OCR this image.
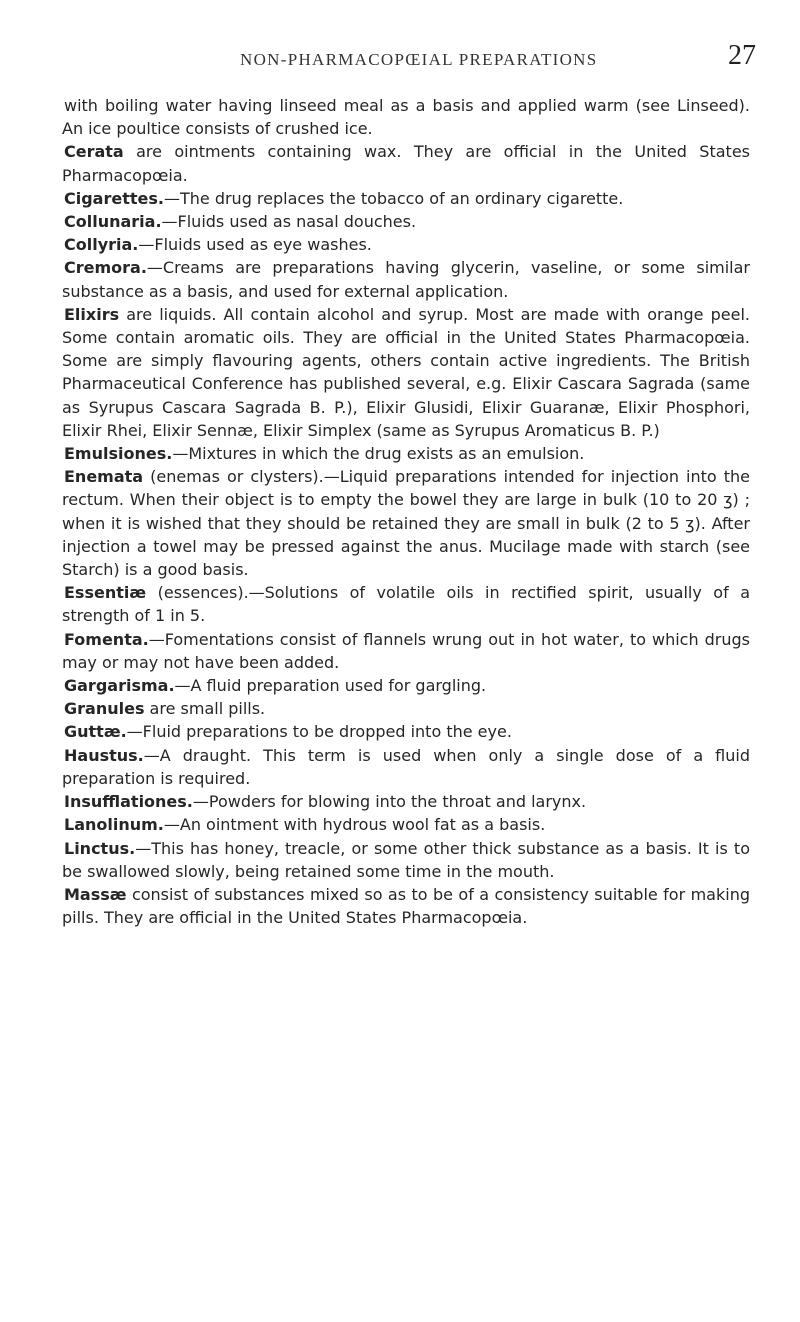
NON-PHARMACOPŒIAL PREPARATIONS	27

with boiling water having linseed meal as a basis and applied warm (see Linseed). An ice poultice consists of crushed ice.

Cerata are ointments containing wax. They are official in the United States Pharmacopœia.

Cigarettes.—The drug replaces the tobacco of an ordinary cigarette.

Collunaria.—Fluids used as nasal douches.

Collyria.—Fluids used as eye washes.

Cremora.—Creams are preparations having glycerin, vaseline, or some similar substance as a basis, and used for external application.

Elixirs are liquids. All contain alcohol and syrup. Most are made with orange peel. Some contain aromatic oils. They are official in the United States Pharmacopœia. Some are simply flavouring agents, others contain active ingredients. The British Pharmaceutical Conference has published several, e.g. Elixir Cascara Sagrada (same as Syrupus Cascara Sagrada B. P.), Elixir Glusidi, Elixir Guaranæ, Elixir Phosphori, Elixir Rhei, Elixir Sennæ, Elixir Simplex (same as Syrupus Aromaticus B. P.)

Emulsiones.—Mixtures in which the drug exists as an emulsion.

Enemata (enemas or clysters).—Liquid preparations intended for injection into the rectum. When their object is to empty the bowel they are large in bulk (10 to 20 ʒ) ; when it is wished that they should be retained they are small in bulk (2 to 5 ʒ). After injection a towel may be pressed against the anus. Mucilage made with starch (see Starch) is a good basis.

Essentiæ (essences).—Solutions of volatile oils in rectified spirit, usually of a strength of 1 in 5.

Fomenta.—Fomentations consist of flannels wrung out in hot water, to which drugs may or may not have been added.

Gargarisma.—A fluid preparation used for gargling.

Granules are small pills.

Guttæ.—Fluid preparations to be dropped into the eye.

Haustus.—A draught. This term is used when only a single dose of a fluid preparation is required.

Insufflationes.—Powders for blowing into the throat and larynx.

Lanolinum.—An ointment with hydrous wool fat as a basis.

Linctus.—This has honey, treacle, or some other thick substance as a basis. It is to be swallowed slowly, being retained some time in the mouth.

Massæ consist of substances mixed so as to be of a consistency suitable for making pills. They are official in the United States Pharmacopœia.
